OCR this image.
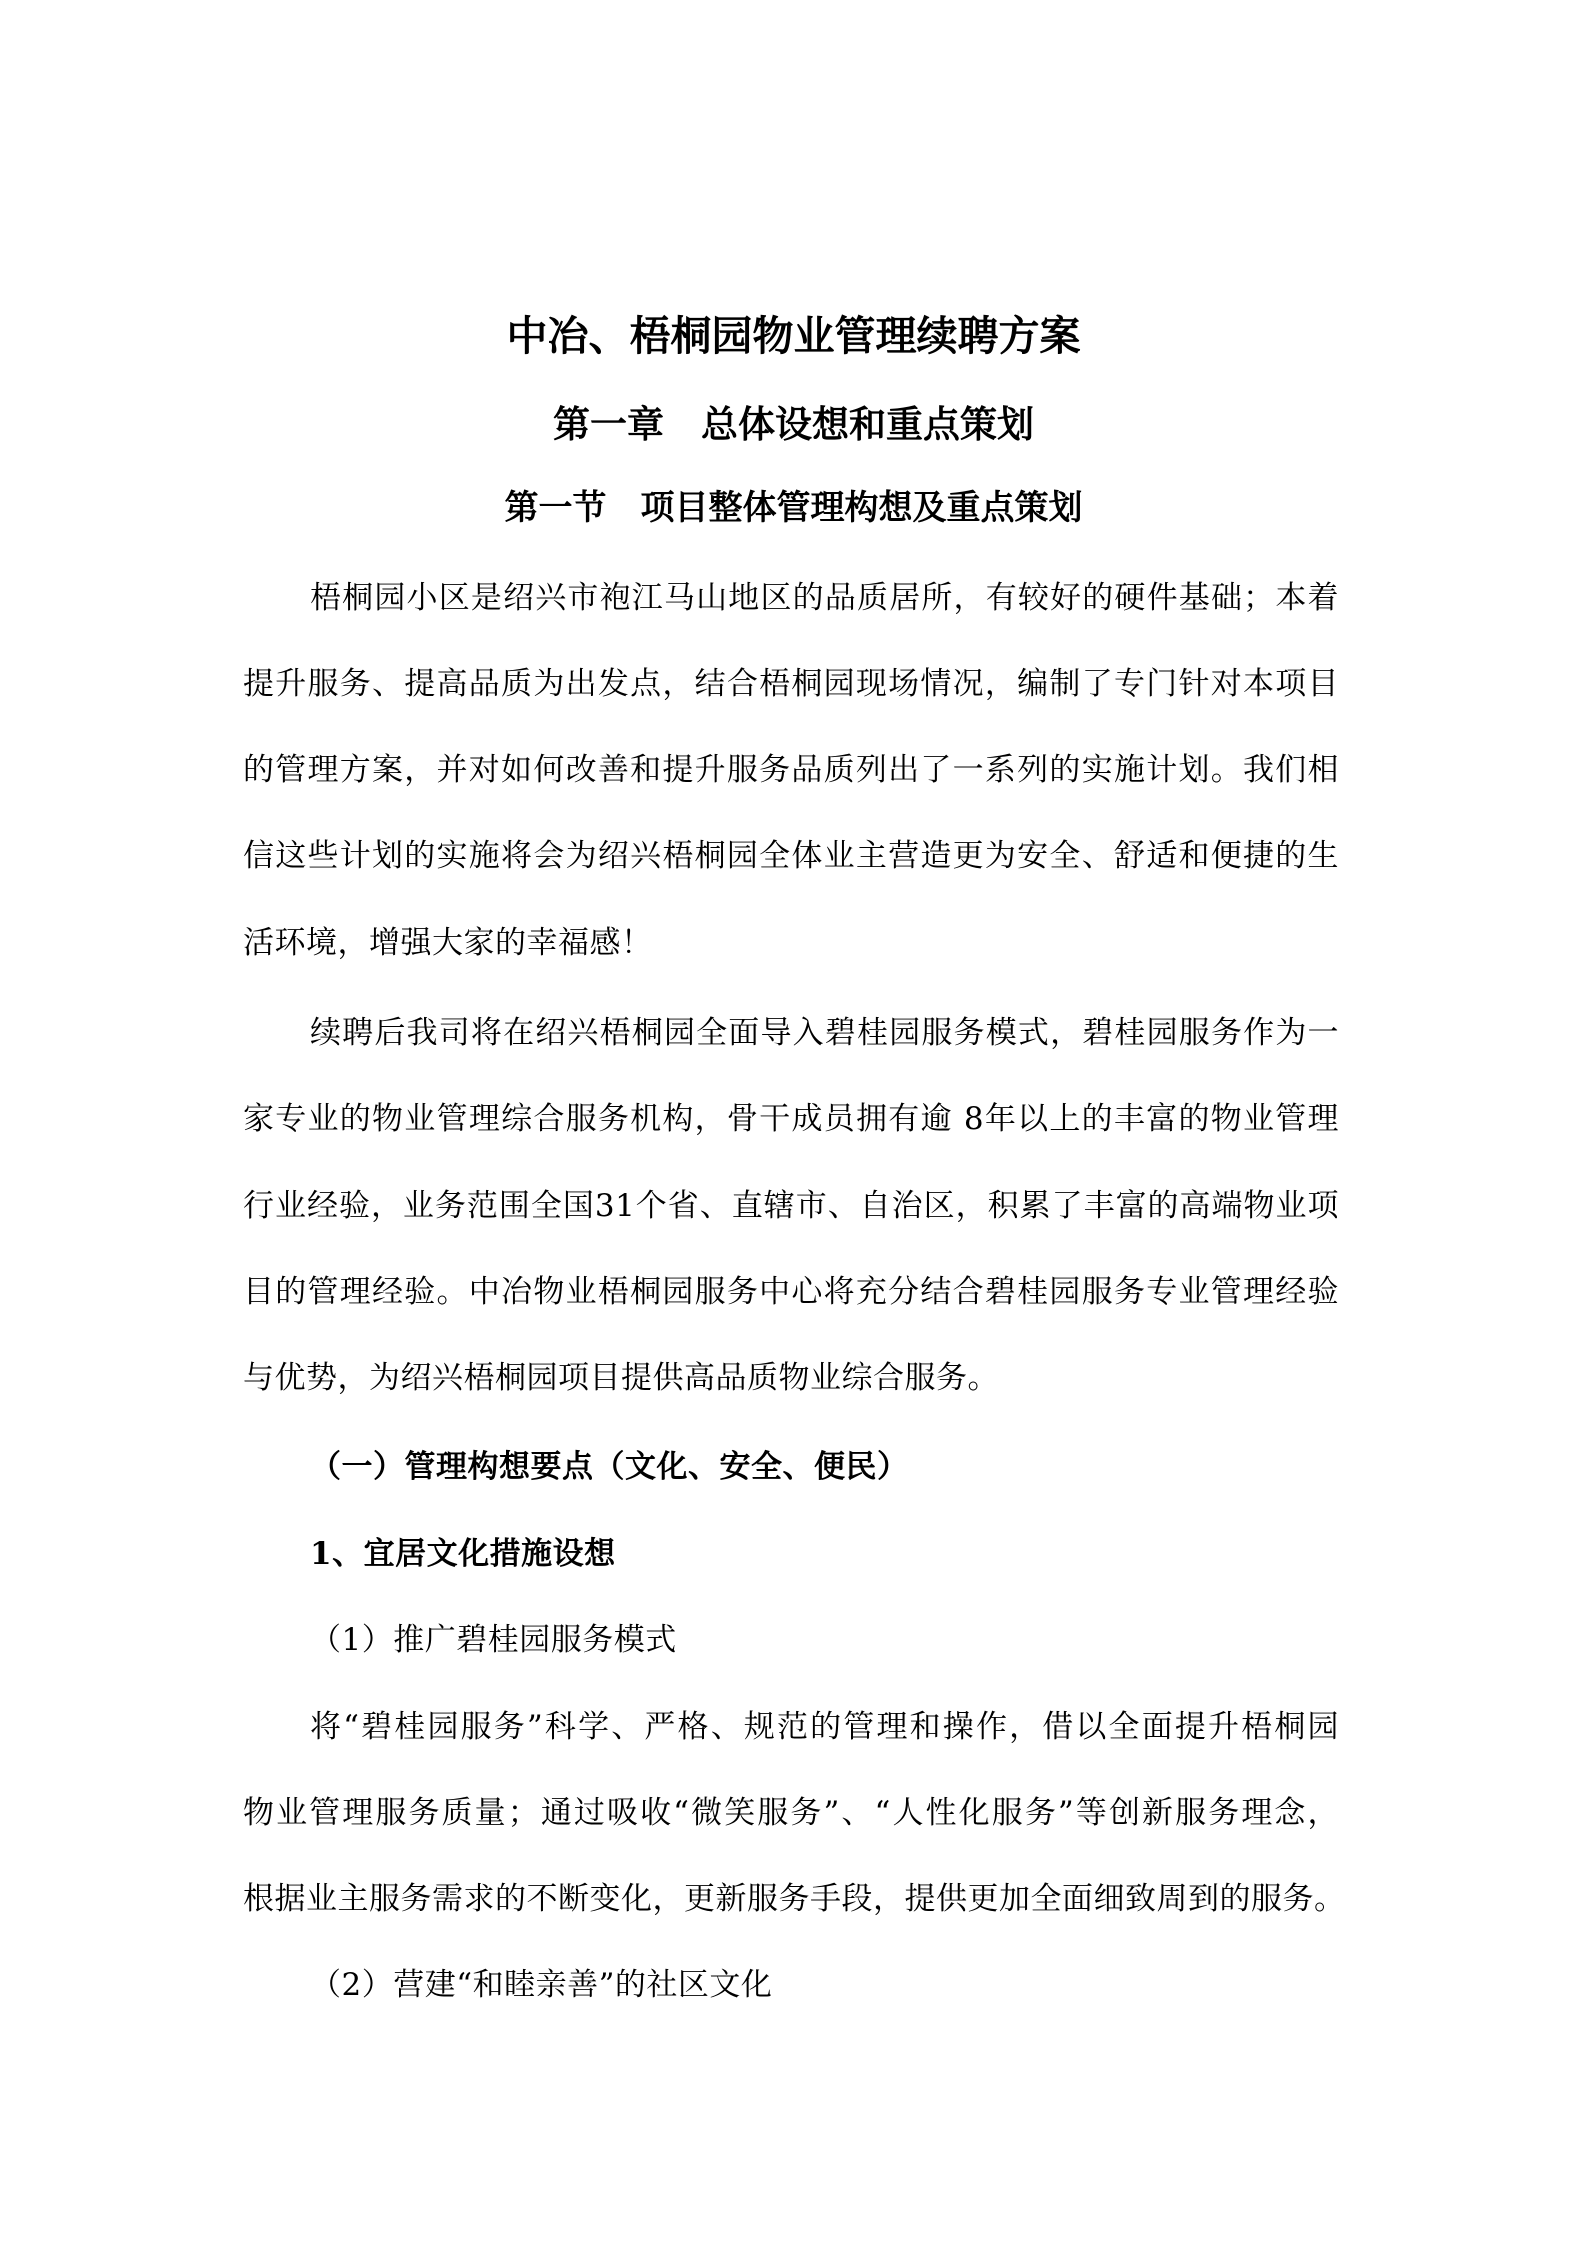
中冶、梧桐园物业管理续聘方案
第一章　总体设想和重点策划
第一节　项目整体管理构想及重点策划

梧桐园小区是绍兴市袍江马山地区的品质居所，有较好的硬件基础；本着

提升服务、提高品质为出发点，结合梧桐园现场情况，编制了专门针对本项目

的管理方案，并对如何改善和提升服务品质列出了一系列的实施计划。我们相

信这些计划的实施将会为绍兴梧桐园全体业主营造更为安全、舒适和便捷的生

活环境，增强大家的幸福感！

续聘后我司将在绍兴梧桐园全面导入碧桂园服务模式，碧桂园服务作为一

家专业的物业管理综合服务机构，骨干成员拥有逾 8年以上的丰富的物业管理

行业经验，业务范围全国31个省、直辖市、自治区，积累了丰富的高端物业项

目的管理经验。中冶物业梧桐园服务中心将充分结合碧桂园服务专业管理经验

与优势，为绍兴梧桐园项目提供高品质物业综合服务。

（一）管理构想要点（文化、安全、便民）

1、宜居文化措施设想

（1）推广碧桂园服务模式

将“碧桂园服务”科学、严格、规范的管理和操作，借以全面提升梧桐园

物业管理服务质量；通过吸收“微笑服务”、“人性化服务”等创新服务理念，

根据业主服务需求的不断变化，更新服务手段，提供更加全面细致周到的服务。

（2）营建“和睦亲善”的社区文化
